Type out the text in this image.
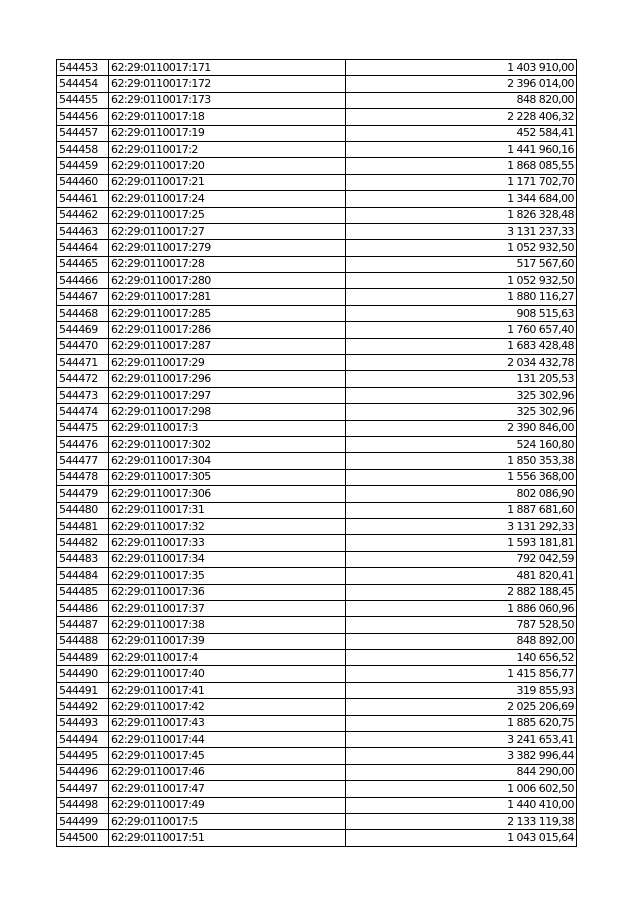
544453	62:29:0110017:171	1 403 910,00
544454	62:29:0110017:172	2 396 014,00
544455	62:29:0110017:173	848 820,00
544456	62:29:0110017:18	2 228 406,32
544457	62:29:0110017:19	452 584,41
544458	62:29:0110017:2	1 441 960,16
544459	62:29:0110017:20	1 868 085,55
544460	62:29:0110017:21	1 171 702,70
544461	62:29:0110017:24	1 344 684,00
544462	62:29:0110017:25	1 826 328,48
544463	62:29:0110017:27	3 131 237,33
544464	62:29:0110017:279	1 052 932,50
544465	62:29:0110017:28	517 567,60
544466	62:29:0110017:280	1 052 932,50
544467	62:29:0110017:281	1 880 116,27
544468	62:29:0110017:285	908 515,63
544469	62:29:0110017:286	1 760 657,40
544470	62:29:0110017:287	1 683 428,48
544471	62:29:0110017:29	2 034 432,78
544472	62:29:0110017:296	131 205,53
544473	62:29:0110017:297	325 302,96
544474	62:29:0110017:298	325 302,96
544475	62:29:0110017:3	2 390 846,00
544476	62:29:0110017:302	524 160,80
544477	62:29:0110017:304	1 850 353,38
544478	62:29:0110017:305	1 556 368,00
544479	62:29:0110017:306	802 086,90
544480	62:29:0110017:31	1 887 681,60
544481	62:29:0110017:32	3 131 292,33
544482	62:29:0110017:33	1 593 181,81
544483	62:29:0110017:34	792 042,59
544484	62:29:0110017:35	481 820,41
544485	62:29:0110017:36	2 882 188,45
544486	62:29:0110017:37	1 886 060,96
544487	62:29:0110017:38	787 528,50
544488	62:29:0110017:39	848 892,00
544489	62:29:0110017:4	140 656,52
544490	62:29:0110017:40	1 415 856,77
544491	62:29:0110017:41	319 855,93
544492	62:29:0110017:42	2 025 206,69
544493	62:29:0110017:43	1 885 620,75
544494	62:29:0110017:44	3 241 653,41
544495	62:29:0110017:45	3 382 996,44
544496	62:29:0110017:46	844 290,00
544497	62:29:0110017:47	1 006 602,50
544498	62:29:0110017:49	1 440 410,00
544499	62:29:0110017:5	2 133 119,38
544500	62:29:0110017:51	1 043 015,64
